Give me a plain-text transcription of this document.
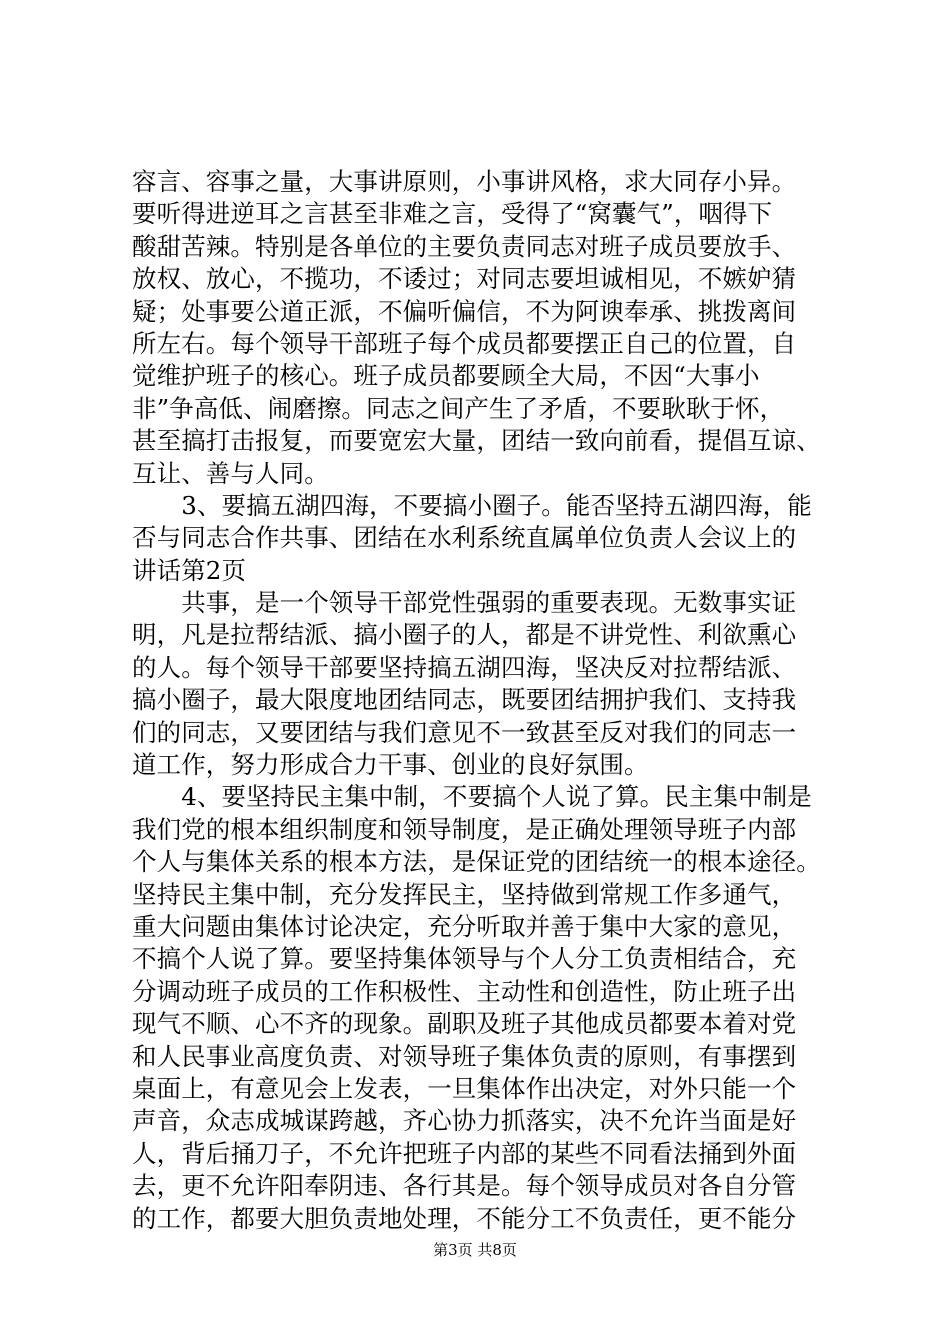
容言、容事之量，大事讲原则，小事讲风格，求大同存小异。
要听得进逆耳之言甚至非难之言，受得了“窝囊气”，咽得下
酸甜苦辣。特别是各单位的主要负责同志对班子成员要放手、
放权、放心，不揽功，不诿过；对同志要坦诚相见，不嫉妒猜
疑；处事要公道正派，不偏听偏信，不为阿谀奉承、挑拨离间
所左右。每个领导干部班子每个成员都要摆正自己的位置，自
觉维护班子的核心。班子成员都要顾全大局，不因“大事小
非”争高低、闹磨擦。同志之间产生了矛盾，不要耿耿于怀，
甚至搞打击报复，而要宽宏大量，团结一致向前看，提倡互谅、
互让、善与人同。
　　3、要搞五湖四海，不要搞小圈子。能否坚持五湖四海，能
否与同志合作共事、团结在水利系统直属单位负责人会议上的
讲话第2页
　　共事，是一个领导干部党性强弱的重要表现。无数事实证
明，凡是拉帮结派、搞小圈子的人，都是不讲党性、利欲熏心
的人。每个领导干部要坚持搞五湖四海，坚决反对拉帮结派、
搞小圈子，最大限度地团结同志，既要团结拥护我们、支持我
们的同志，又要团结与我们意见不一致甚至反对我们的同志一
道工作，努力形成合力干事、创业的良好氛围。
　　4、要坚持民主集中制，不要搞个人说了算。民主集中制是
我们党的根本组织制度和领导制度，是正确处理领导班子内部
个人与集体关系的根本方法，是保证党的团结统一的根本途径。
坚持民主集中制，充分发挥民主，坚持做到常规工作多通气，
重大问题由集体讨论决定，充分听取并善于集中大家的意见，
不搞个人说了算。要坚持集体领导与个人分工负责相结合，充
分调动班子成员的工作积极性、主动性和创造性，防止班子出
现气不顺、心不齐的现象。副职及班子其他成员都要本着对党
和人民事业高度负责、对领导班子集体负责的原则，有事摆到
桌面上，有意见会上发表，一旦集体作出决定，对外只能一个
声音，众志成城谋跨越，齐心协力抓落实，决不允许当面是好
人，背后捅刀子，不允许把班子内部的某些不同看法捅到外面
去，更不允许阳奉阴违、各行其是。每个领导成员对各自分管
的工作，都要大胆负责地处理，不能分工不负责任，更不能分
第3页 共8页
